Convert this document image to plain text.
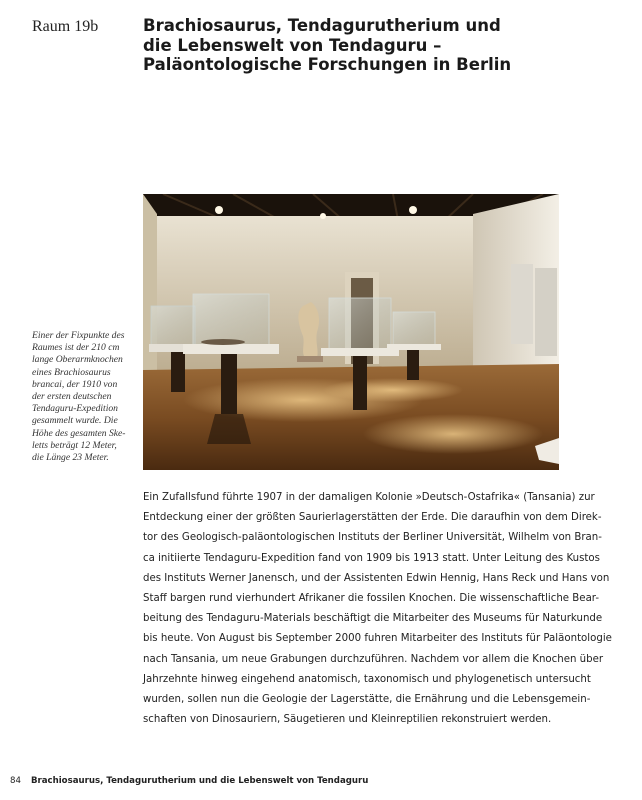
Raum 19b	Brachiosaurus, Tendagurutherium und
die Lebenswelt von Tendaguru –
Paläontologische Forschungen in Berlin
Einer der Fixpunkte des
Raumes ist der 210 cm
lange Oberarmknochen
eines Brachiosaurus
brancai, der 1910 von
der ersten deutschen
Tendaguru-Expedition
gesammelt wurde. Die
Höhe des gesamten Ske-
letts beträgt 12 Meter,
die Länge 23 Meter.
Ein Zufallsfund führte 1907 in der damaligen Kolonie »Deutsch-Ostafrika« (Tansania) zur
Entdeckung einer der größten Saurierlagerstätten der Erde. Die daraufhin von dem Direk-
tor des Geologisch-paläontologischen Instituts der Berliner Universität, Wilhelm von Bran-
ca initiierte Tendaguru-Expedition fand von 1909 bis 1913 statt. Unter Leitung des Kustos
des Instituts Werner Janensch, und der Assistenten Edwin Hennig, Hans Reck und Hans von
Staff bargen rund vierhundert Afrikaner die fossilen Knochen. Die wissenschaftliche Bear-
beitung des Tendaguru-Materials beschäftigt die Mitarbeiter des Museums für Naturkunde
bis heute. Von August bis September 2000 fuhren Mitarbeiter des Instituts für Paläontologie
nach Tansania, um neue Grabungen durchzuführen. Nachdem vor allem die Knochen über
Jahrzehnte hinweg eingehend anatomisch, taxonomisch und phylogenetisch untersucht
wurden, sollen nun die Geologie der Lagerstätte, die Ernährung und die Lebensgemein-
schaften von Dinosauriern, Säugetieren und Kleinreptilien rekonstruiert werden.
84 Brachiosaurus, Tendagurutherium und die Lebenswelt von Tendaguru
